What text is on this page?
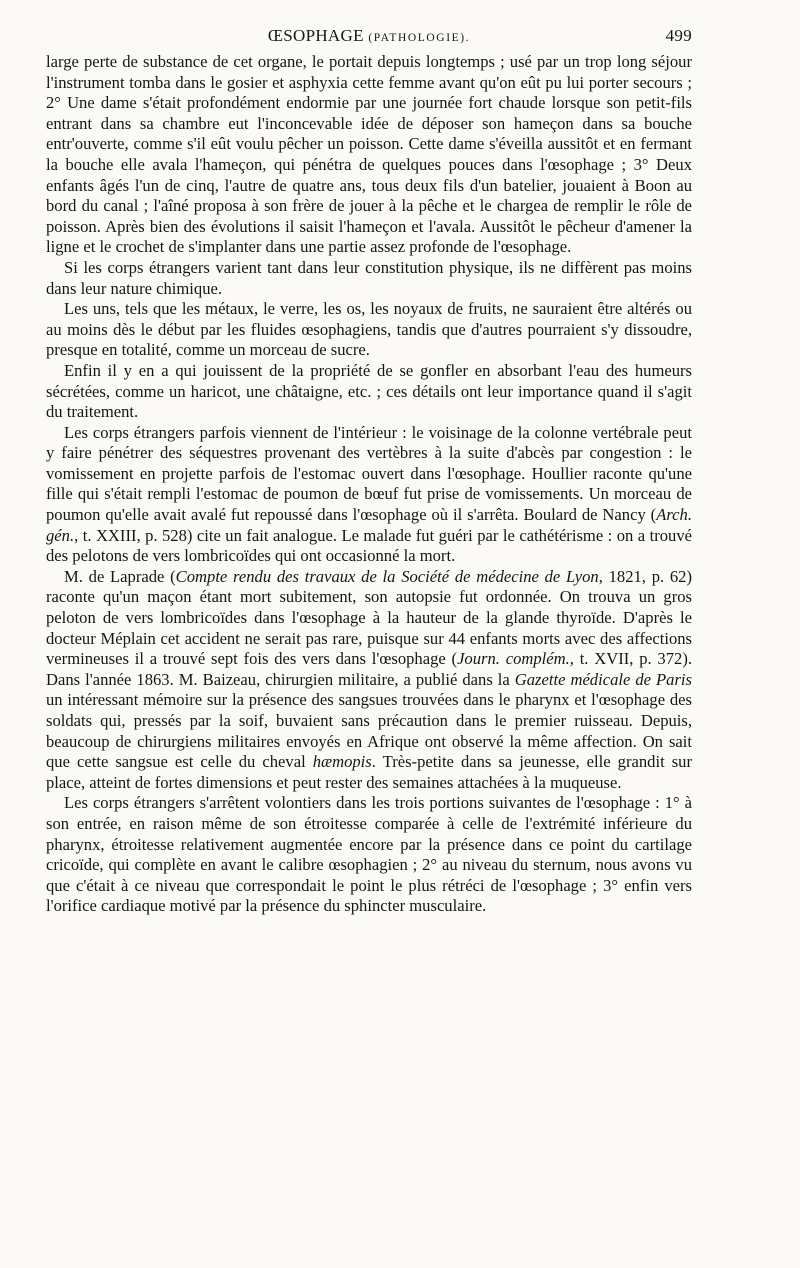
ŒSOPHAGE (PATHOLOGIE).	499

large perte de substance de cet organe, le portait depuis longtemps ; usé par un trop long séjour l'instrument tomba dans le gosier et asphyxia cette femme avant qu'on eût pu lui porter secours ; 2° Une dame s'était profondément endormie par une journée fort chaude lorsque son petit-fils entrant dans sa chambre eut l'inconcevable idée de déposer son hameçon dans sa bouche entr'ouverte, comme s'il eût voulu pêcher un poisson. Cette dame s'éveilla aussitôt et en fermant la bouche elle avala l'hameçon, qui pénétra de quelques pouces dans l'œsophage ; 3° Deux enfants âgés l'un de cinq, l'autre de quatre ans, tous deux fils d'un batelier, jouaient à Boon au bord du canal ; l'aîné proposa à son frère de jouer à la pêche et le chargea de remplir le rôle de poisson. Après bien des évolutions il saisit l'hameçon et l'avala. Aussitôt le pêcheur d'amener la ligne et le crochet de s'implanter dans une partie assez profonde de l'œsophage.

Si les corps étrangers varient tant dans leur constitution physique, ils ne diffèrent pas moins dans leur nature chimique.

Les uns, tels que les métaux, le verre, les os, les noyaux de fruits, ne sauraient être altérés ou au moins dès le début par les fluides œsophagiens, tandis que d'autres pourraient s'y dissoudre, presque en totalité, comme un morceau de sucre.

Enfin il y en a qui jouissent de la propriété de se gonfler en absorbant l'eau des humeurs sécrétées, comme un haricot, une châtaigne, etc. ; ces détails ont leur importance quand il s'agit du traitement.

Les corps étrangers parfois viennent de l'intérieur : le voisinage de la colonne vertébrale peut y faire pénétrer des séquestres provenant des vertèbres à la suite d'abcès par congestion : le vomissement en projette parfois de l'estomac ouvert dans l'œsophage. Houllier raconte qu'une fille qui s'était rempli l'estomac de poumon de bœuf fut prise de vomissements. Un morceau de poumon qu'elle avait avalé fut repoussé dans l'œsophage où il s'arrêta. Boulard de Nancy (Arch. gén., t. XXIII, p. 528) cite un fait analogue. Le malade fut guéri par le cathétérisme : on a trouvé des pelotons de vers lombricoïdes qui ont occasionné la mort.

M. de Laprade (Compte rendu des travaux de la Société de médecine de Lyon, 1821, p. 62) raconte qu'un maçon étant mort subitement, son autopsie fut ordonnée. On trouva un gros peloton de vers lombricoïdes dans l'œsophage à la hauteur de la glande thyroïde. D'après le docteur Méplain cet accident ne serait pas rare, puisque sur 44 enfants morts avec des affections vermineuses il a trouvé sept fois des vers dans l'œsophage (Journ. complém., t. XVII, p. 372). Dans l'année 1863. M. Baizeau, chirurgien militaire, a publié dans la Gazette médicale de Paris un intéressant mémoire sur la présence des sangsues trouvées dans le pharynx et l'œsophage des soldats qui, pressés par la soif, buvaient sans précaution dans le premier ruisseau. Depuis, beaucoup de chirurgiens militaires envoyés en Afrique ont observé la même affection. On sait que cette sangsue est celle du cheval hæmopis. Très-petite dans sa jeunesse, elle grandit sur place, atteint de fortes dimensions et peut rester des semaines attachées à la muqueuse.

Les corps étrangers s'arrêtent volontiers dans les trois portions suivantes de l'œsophage : 1° à son entrée, en raison même de son étroitesse comparée à celle de l'extrémité inférieure du pharynx, étroitesse relativement augmentée encore par la présence dans ce point du cartilage cricoïde, qui complète en avant le calibre œsophagien ; 2° au niveau du sternum, nous avons vu que c'était à ce niveau que correspondait le point le plus rétréci de l'œsophage ; 3° enfin vers l'orifice cardiaque motivé par la présence du sphincter musculaire.
